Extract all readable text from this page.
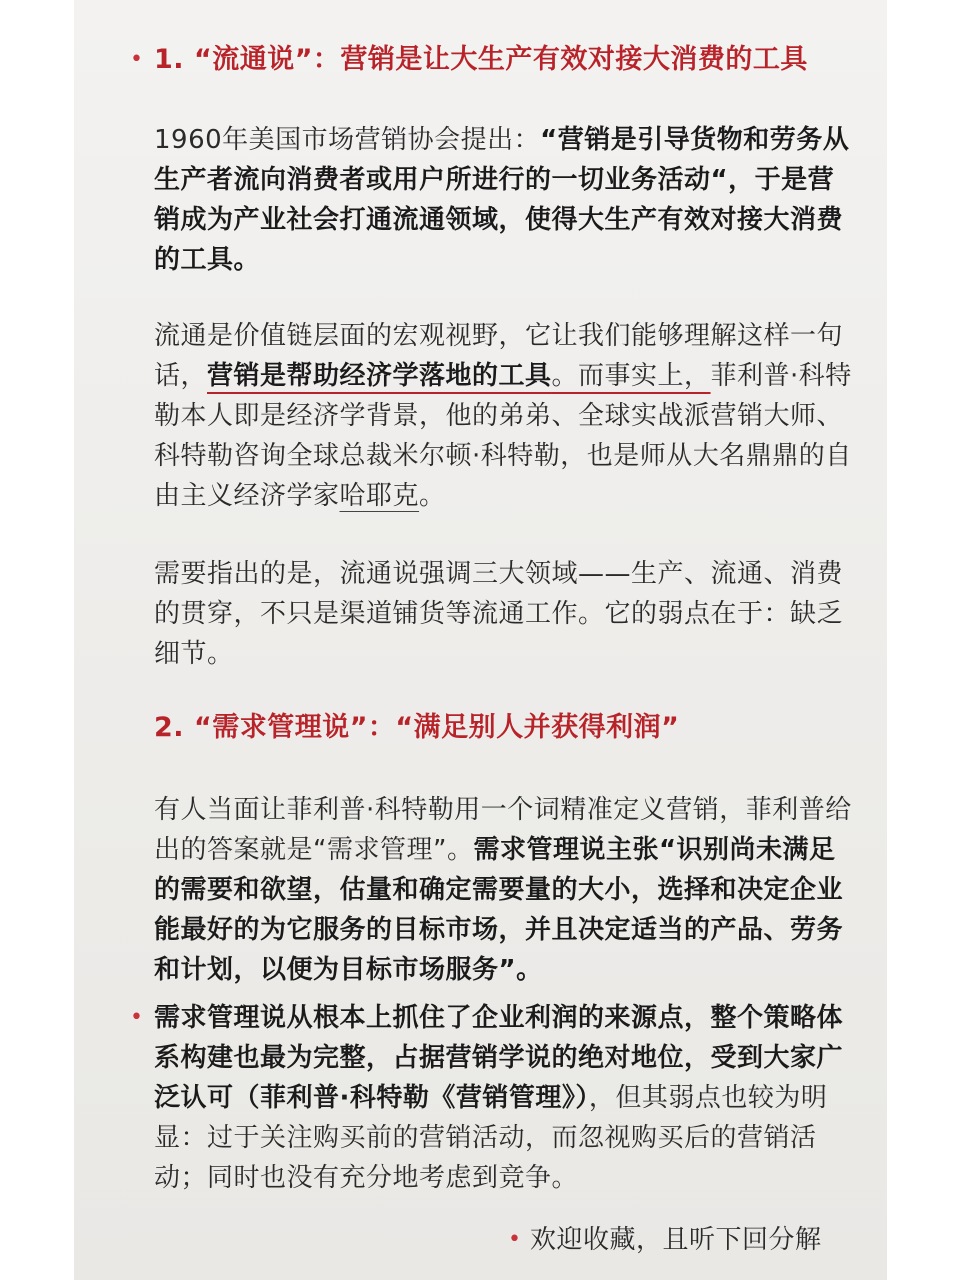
• 1. “流通说”：营销是让大生产有效对接大消费的工具

1960年美国市场营销协会提出：“营销是引导货物和劳务从生产者流向消费者或用户所进行的一切业务活动“，于是营销成为产业社会打通流通领域，使得大生产有效对接大消费的工具。

流通是价值链层面的宏观视野，它让我们能够理解这样一句话，营销是帮助经济学落地的工具。而事实上，菲利普·科特勒本人即是经济学背景，他的弟弟、全球实战派营销大师、科特勒咨询全球总裁米尔顿·科特勒，也是师从大名鼎鼎的自由主义经济学家哈耶克。

需要指出的是，流通说强调三大领域——生产、流通、消费的贯穿，不只是渠道铺货等流通工作。它的弱点在于：缺乏细节。

2. “需求管理说”：“满足别人并获得利润”

有人当面让菲利普·科特勒用一个词精准定义营销，菲利普给出的答案就是“需求管理”。需求管理说主张“识别尚未满足的需要和欲望，估量和确定需要量的大小，选择和决定企业能最好的为它服务的目标市场，并且决定适当的产品、劳务和计划，以便为目标市场服务”。

• 需求管理说从根本上抓住了企业利润的来源点，整个策略体系构建也最为完整，占据营销学说的绝对地位，受到大家广泛认可（菲利普·科特勒《营销管理》），但其弱点也较为明显：过于关注购买前的营销活动，而忽视购买后的营销活动；同时也没有充分地考虑到竞争。

• 欢迎收藏，且听下回分解
